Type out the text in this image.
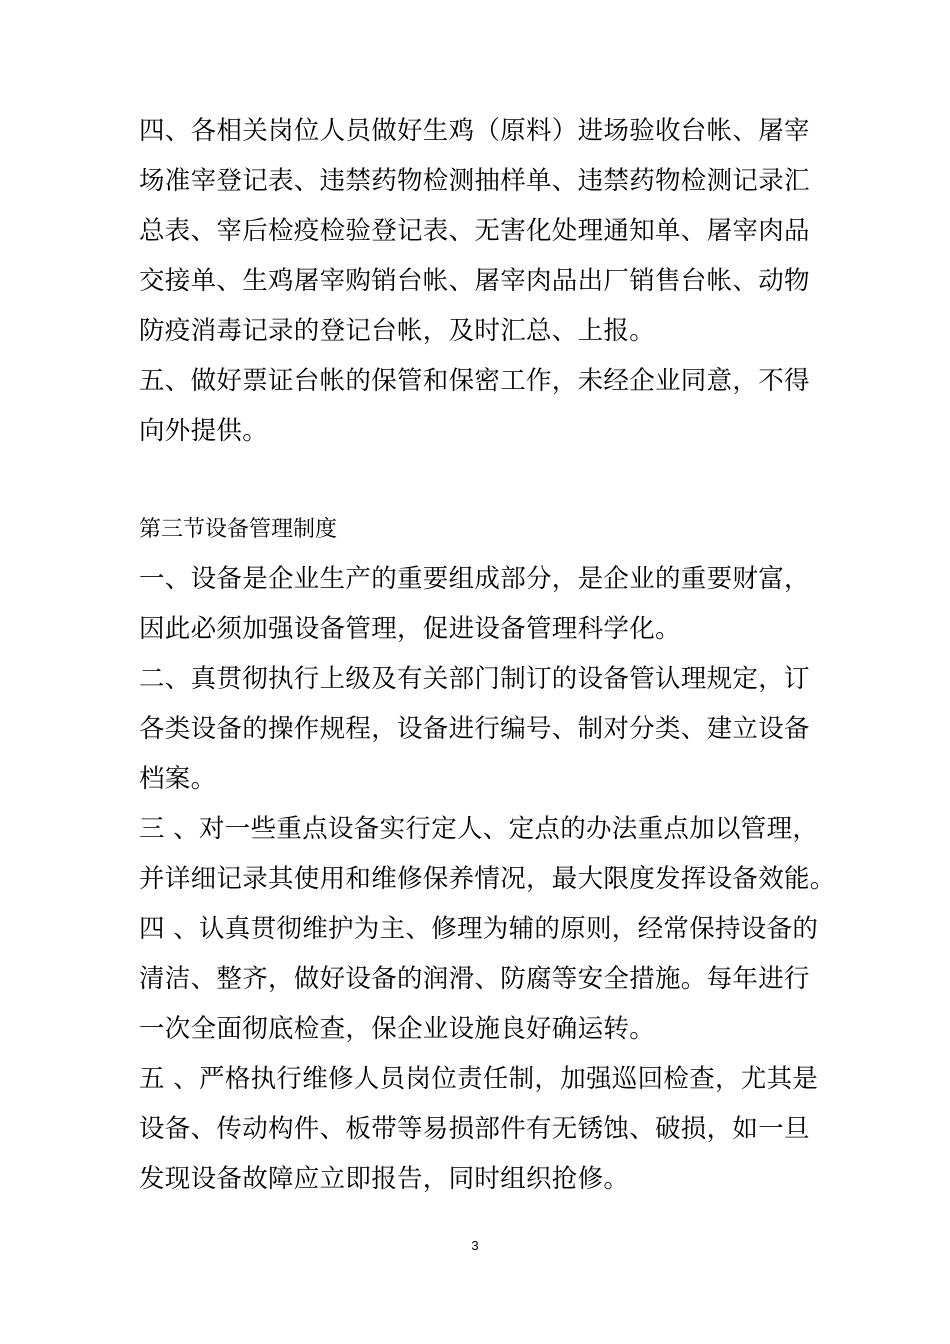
四、各相关岗位人员做好生鸡（原料）进场验收台帐、屠宰
场准宰登记表、违禁药物检测抽样单、违禁药物检测记录汇
总表、宰后检疫检验登记表、无害化处理通知单、屠宰肉品
交接单、生鸡屠宰购销台帐、屠宰肉品出厂销售台帐、动物
防疫消毒记录的登记台帐，及时汇总、上报。
五、做好票证台帐的保管和保密工作，未经企业同意，不得
向外提供。
第三节设备管理制度
一、设备是企业生产的重要组成部分，是企业的重要财富，
因此必须加强设备管理，促进设备管理科学化。
二、真贯彻执行上级及有关部门制订的设备管认理规定，订
各类设备的操作规程，设备进行编号、制对分类、建立设备
档案。
三 、对一些重点设备实行定人、定点的办法重点加以管理，
并详细记录其使用和维修保养情况，最大限度发挥设备效能。
四 、认真贯彻维护为主、修理为辅的原则，经常保持设备的
清洁、整齐，做好设备的润滑、防腐等安全措施。每年进行
一次全面彻底检查，保企业设施良好确运转。
五 、严格执行维修人员岗位责任制，加强巡回检查，尤其是
设备、传动构件、板带等易损部件有无锈蚀、破损，如一旦
发现设备故障应立即报告，同时组织抢修。
3
